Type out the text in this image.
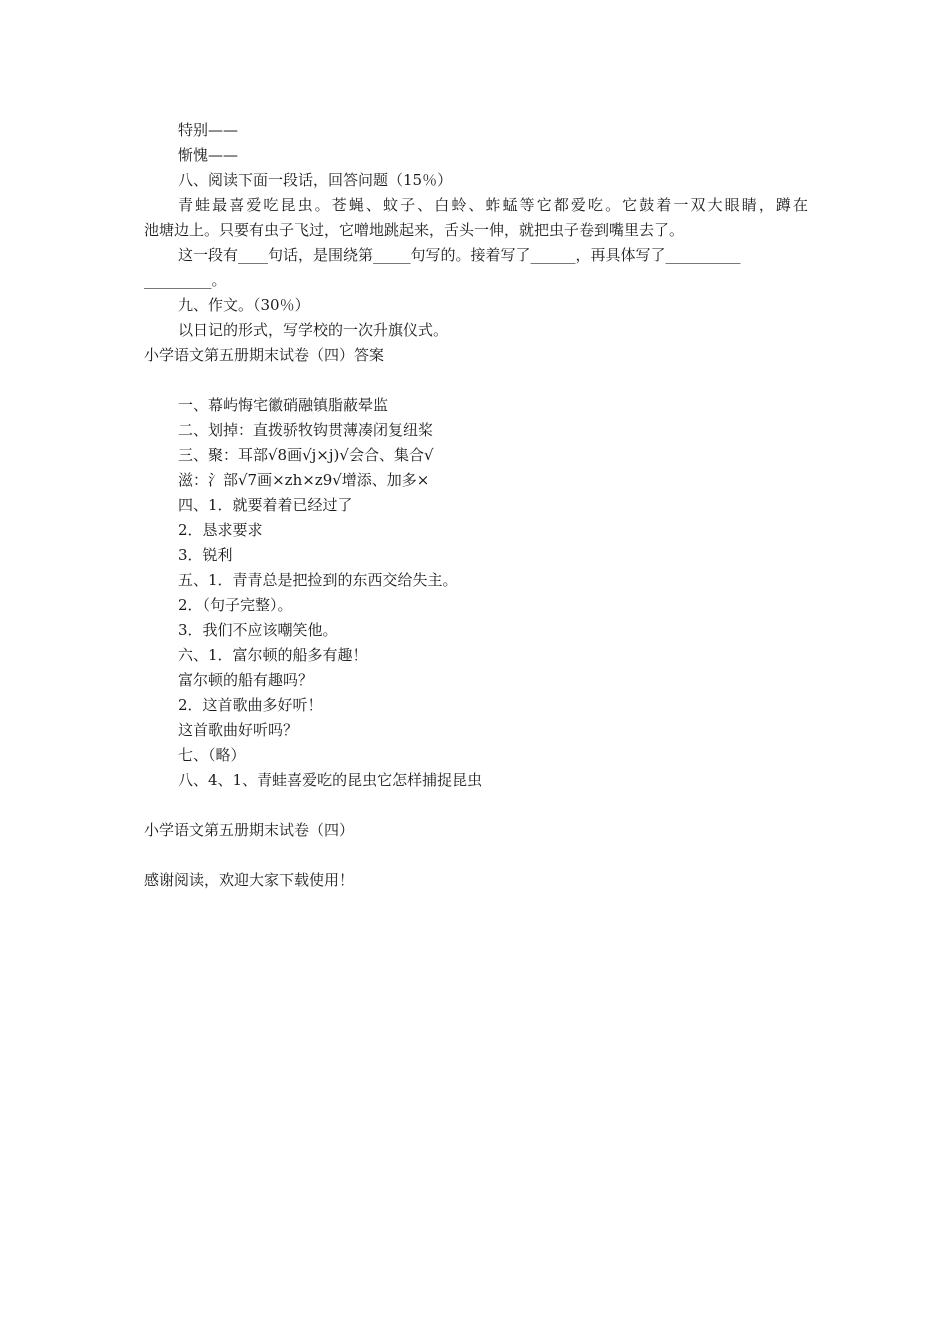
特别——
惭愧——
八、阅读下面一段话，回答问题（15％）
青蛙最喜爱吃昆虫。苍蝇、蚊子、白蛉、蚱蜢等它都爱吃。它鼓着一双大眼睛，蹲在
池塘边上。只要有虫子飞过，它噌地跳起来，舌头一伸，就把虫子卷到嘴里去了。
这一段有____句话，是围绕第_____句写的。接着写了______，再具体写了__________
_________。
九、作文。（30％）
以日记的形式，写学校的一次升旗仪式。
小学语文第五册期末试卷（四）答案
一、幕屿悔宅徽硝融镇脂蔽晕监
二、划掉：直拨骄牧钩贯薄凑闭复纽桨
三、聚：耳部√8画√j×j)√会合、集合√
滋：氵部√7画×zh×z9√增添、加多×
四、1．就要着着已经过了
2．恳求要求
3．锐利
五、1．青青总是把捡到的东西交给失主。
2．（句子完整）。
3．我们不应该嘲笑他。
六、1．富尔顿的船多有趣！
富尔顿的船有趣吗？
2．这首歌曲多好听！
这首歌曲好听吗？
七、（略）
八、4、1、青蛙喜爱吃的昆虫它怎样捕捉昆虫
小学语文第五册期末试卷（四）
感谢阅读，欢迎大家下载使用！
